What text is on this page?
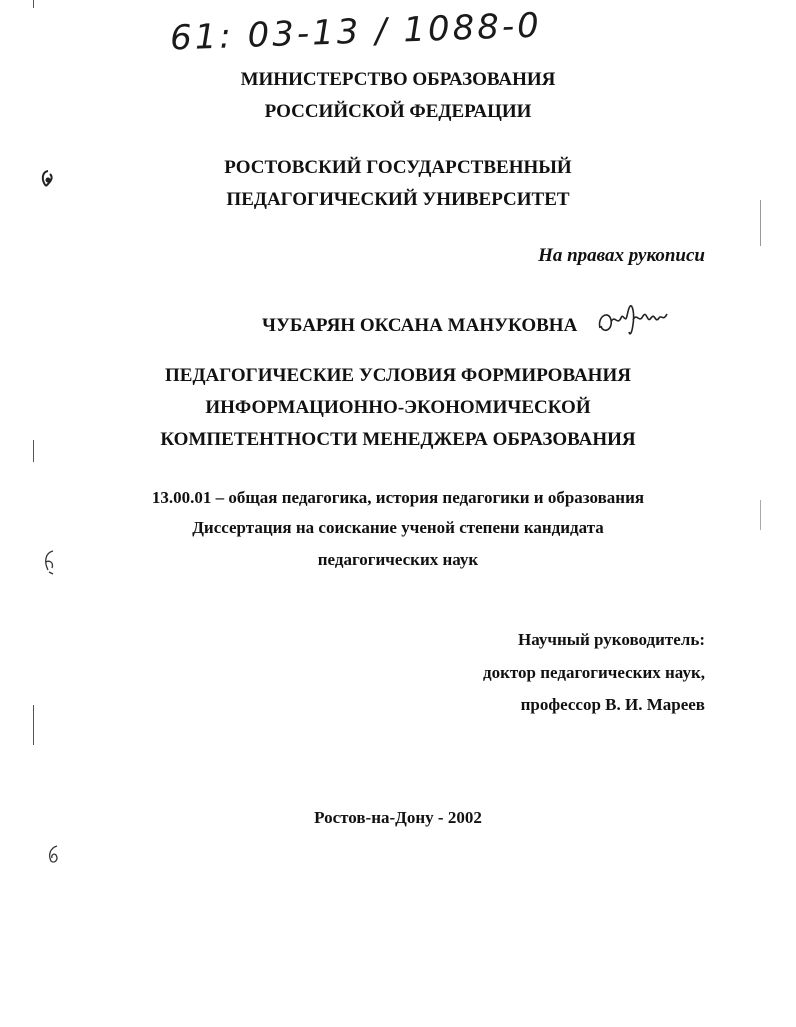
61: 03-13 / 1088-0
МИНИСТЕРСТВО ОБРАЗОВАНИЯ
РОССИЙСКОЙ ФЕДЕРАЦИИ
РОСТОВСКИЙ ГОСУДАРСТВЕННЫЙ
ПЕДАГОГИЧЕСКИЙ УНИВЕРСИТЕТ
На правах рукописи
ЧУБАРЯН ОКСАНА МАНУКОВНА
ПЕДАГОГИЧЕСКИЕ УСЛОВИЯ ФОРМИРОВАНИЯ
ИНФОРМАЦИОННО-ЭКОНОМИЧЕСКОЙ
КОМПЕТЕНТНОСТИ МЕНЕДЖЕРА ОБРАЗОВАНИЯ
13.00.01 – общая педагогика, история педагогики и образования
Диссертация на соискание ученой степени кандидата
педагогических наук
Научный руководитель:
доктор педагогических наук,
профессор В. И. Мареев
Ростов-на-Дону - 2002
